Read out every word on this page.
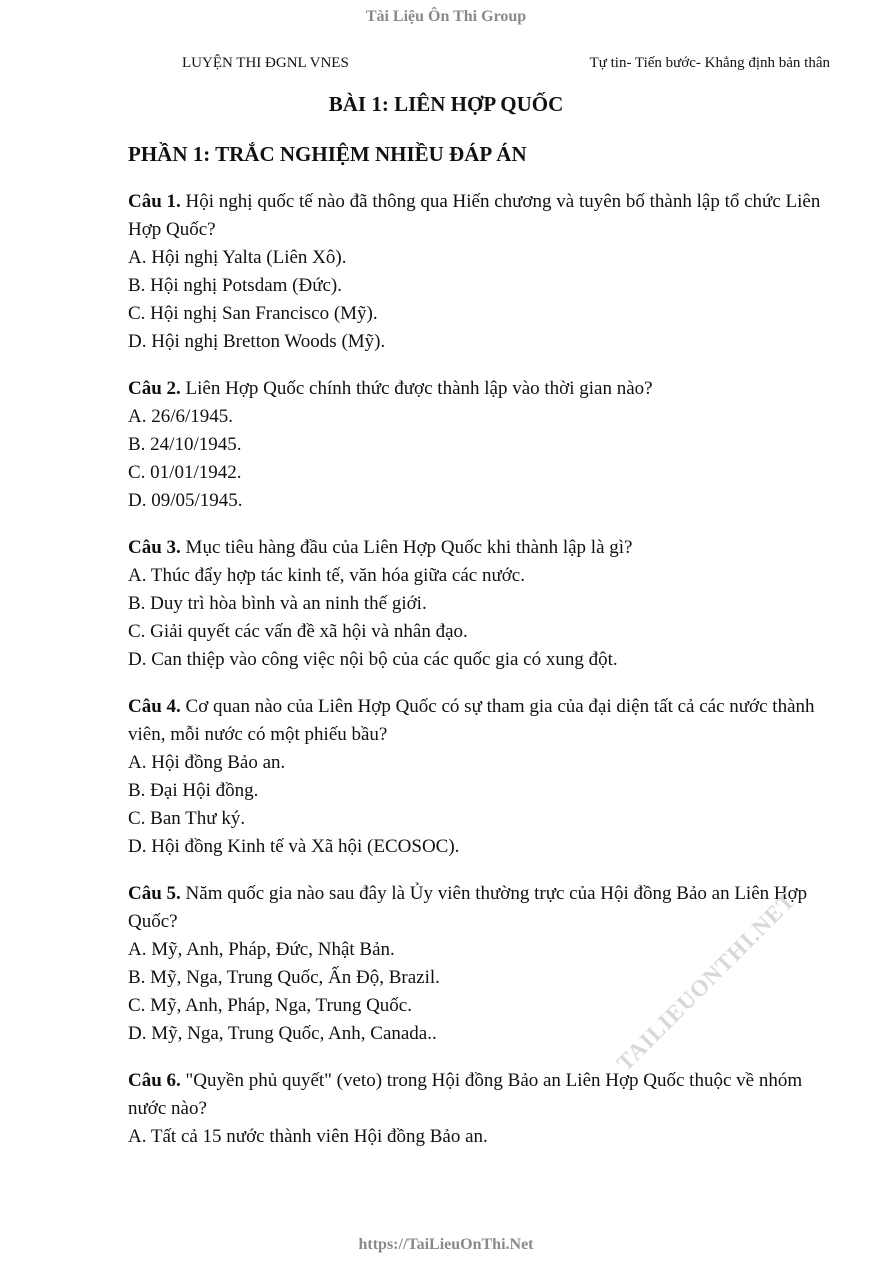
Tài Liệu Ôn Thi Group
LUYỆN THI ĐGNL VNES	Tự tin- Tiến bước- Khẳng định bản thân
BÀI 1: LIÊN HỢP QUỐC
PHẦN 1: TRẮC NGHIỆM NHIỀU ĐÁP ÁN
Câu 1. Hội nghị quốc tế nào đã thông qua Hiến chương và tuyên bố thành lập tổ chức Liên Hợp Quốc?
A. Hội nghị Yalta (Liên Xô).
B. Hội nghị Potsdam (Đức).
C. Hội nghị San Francisco (Mỹ).
D. Hội nghị Bretton Woods (Mỹ).
Câu 2. Liên Hợp Quốc chính thức được thành lập vào thời gian nào?
A. 26/6/1945.
B. 24/10/1945.
C. 01/01/1942.
D. 09/05/1945.
Câu 3. Mục tiêu hàng đầu của Liên Hợp Quốc khi thành lập là gì?
A. Thúc đẩy hợp tác kinh tế, văn hóa giữa các nước.
B. Duy trì hòa bình và an ninh thế giới.
C. Giải quyết các vấn đề xã hội và nhân đạo.
D. Can thiệp vào công việc nội bộ của các quốc gia có xung đột.
Câu 4. Cơ quan nào của Liên Hợp Quốc có sự tham gia của đại diện tất cả các nước thành viên, mỗi nước có một phiếu bầu?
A. Hội đồng Bảo an.
B. Đại Hội đồng.
C. Ban Thư ký.
D. Hội đồng Kinh tế và Xã hội (ECOSOC).
Câu 5. Năm quốc gia nào sau đây là Ủy viên thường trực của Hội đồng Bảo an Liên Hợp Quốc?
A. Mỹ, Anh, Pháp, Đức, Nhật Bản.
B. Mỹ, Nga, Trung Quốc, Ấn Độ, Brazil.
C. Mỹ, Anh, Pháp, Nga, Trung Quốc.
D. Mỹ, Nga, Trung Quốc, Anh, Canada..
Câu 6. "Quyền phủ quyết" (veto) trong Hội đồng Bảo an Liên Hợp Quốc thuộc về nhóm nước nào?
A. Tất cả 15 nước thành viên Hội đồng Bảo an.
TAILIEUONTHI.NET
https://TaiLieuOnThi.Net
